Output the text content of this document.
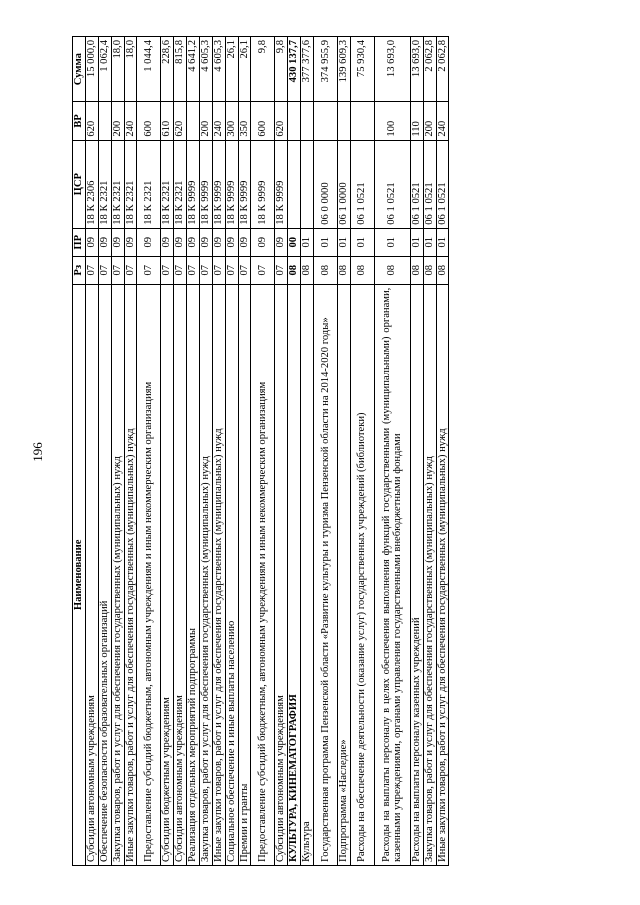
196
Наименование	Рз	ПР	ЦСР	ВР	Сумма
Субсидии автономным учреждениям	07	09	18 К 2306	620	15 000,0
Обеспечение безопасности образовательных организаций	07	09	18 К 2321		1 062,4
Закупка товаров, работ и услуг для обеспечения государственных (муниципальных) нужд	07	09	18 К 2321	200	18,0
Иные закупки товаров, работ и услуг для обеспечения государственных (муниципальных) нужд	07	09	18 К 2321	240	18,0
Предоставление субсидий бюджетным, автономным учреждениям и иным некоммерческим организациям	07	09	18 К 2321	600	1 044,4
Субсидии бюджетным учреждениям	07	09	18 К 2321	610	228,6
Субсидии автономным учреждениям	07	09	18 К 2321	620	815,8
Реализация отдельных мероприятий подпрограммы	07	09	18 К 9999		4 641,2
Закупка товаров, работ и услуг для обеспечения государственных (муниципальных) нужд	07	09	18 К 9999	200	4 605,3
Иные закупки товаров, работ и услуг для обеспечения государственных (муниципальных) нужд	07	09	18 К 9999	240	4 605,3
Социальное обеспечение и иные выплаты населению	07	09	18 К 9999	300	26,1
Премии и гранты	07	09	18 К 9999	350	26,1
Предоставление субсидий бюджетным, автономным учреждениям и иным некоммерческим организациям	07	09	18 К 9999	600	9,8
Субсидии автономным учреждениям	07	09	18 К 9999	620	9,8
КУЛЬТУРА, КИНЕМАТОГРАФИЯ	08	00			430 137,7
Культура	08	01			377 377,6
Государственная программа Пензенской области «Развитие культуры и туризма Пензенской области на 2014-2020 годы»	08	01	06 0 0000		374 955,9
Подпрограмма «Наследие»	08	01	06 1 0000		139 609,3
Расходы на обеспечение деятельности (оказание услуг) государственных учреждений (библиотеки)	08	01	06 1 0521		75 930,4
Расходы на выплаты персоналу в целях обеспечения выполнения функций государственными (муниципальными) органами, казенными учреждениями, органами управления государственными внебюджетными фондами	08	01	06 1 0521	100	13 693,0
Расходы на выплаты персоналу казенных учреждений	08	01	06 1 0521	110	13 693,0
Закупка товаров, работ и услуг для обеспечения государственных (муниципальных) нужд	08	01	06 1 0521	200	2 062,8
Иные закупки товаров, работ и услуг для обеспечения государственных (муниципальных) нужд	08	01	06 1 0521	240	2 062,8
